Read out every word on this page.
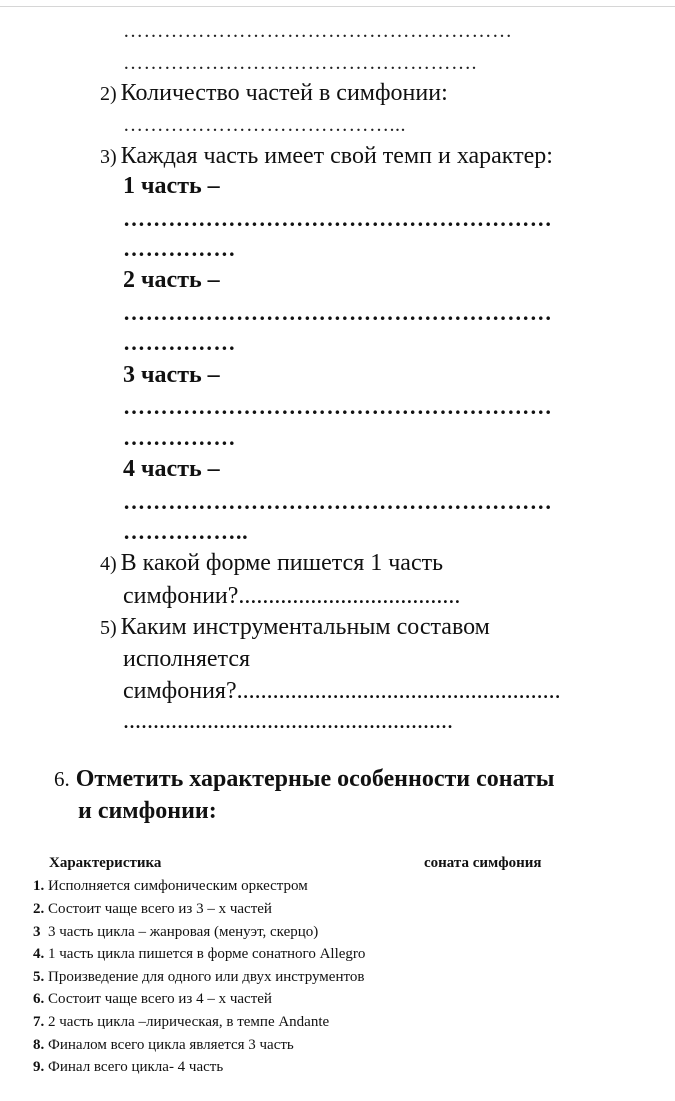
…………………………………………………
…………………………………………….
2) Количество частей в симфонии:
…………………………………...
3) Каждая часть имеет свой темп и характер:
1 часть –
…………………………………………………
……………
2 часть –
…………………………………………………
……………
3 часть –
…………………………………………………
……………
4 часть –
…………………………………………………
……………..
4) В какой форме пишется 1 часть
симфонии?.....................................
5) Каким инструментальным составом
исполняется
симфония?......................................................
.......................................................
6. Отметить характерные особенности сонаты
и симфонии:
Характеристика	соната симфония
1. Исполняется симфоническим оркестром
2. Состоит чаще всего из 3 – х частей
3 3 часть цикла – жанровая (менуэт, скерцо)
4. 1 часть цикла пишется в форме сонатного Allegro
5. Произведение для одного или двух инструментов
6. Состоит чаще всего из 4 – х частей
7. 2 часть цикла –лирическая, в темпе Andante
8. Финалом всего цикла является 3 часть
9. Финал всего цикла- 4 часть
